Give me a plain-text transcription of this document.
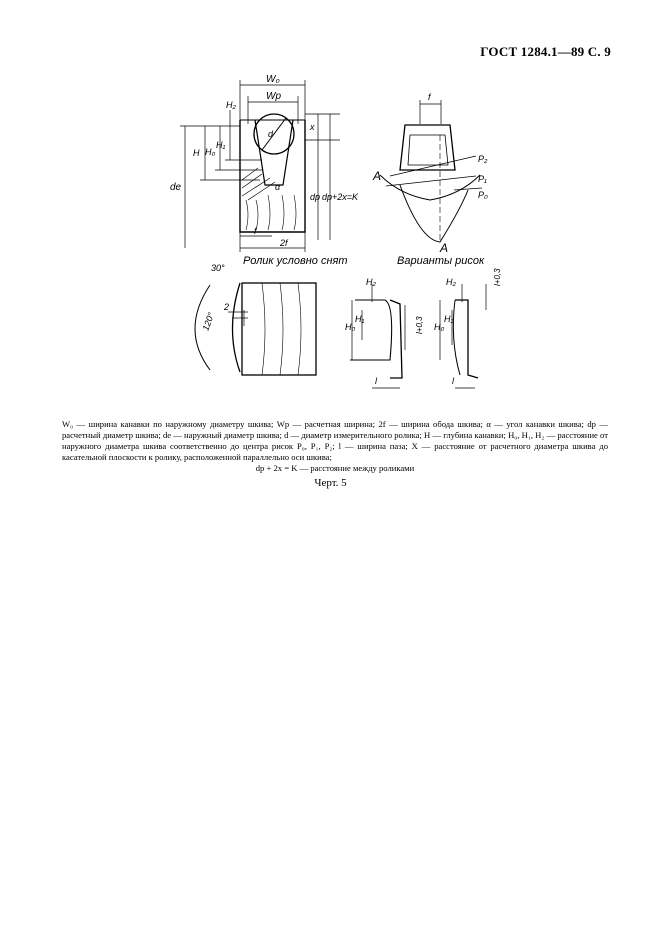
ГОСТ 1284.1—89 С. 9
W₀
Wp
H₂
H H₀
H₁
de
d
x
dp dp+2x=K
α
f
2f
Ролик условно снят
f
A
P₂
P₁
P₀
А
Варианты рисок
30°
120°
2
H₂
H₀
H₁	l+0,3
l
H₂
H₀
H₁
l+0,3
l

W₀ — ширина канавки по наружному диаметру шкива; Wp — расчетная ширина; 2f — ширина обода шкива; α — угол канавки шкива; dp — расчетный диаметр шкива; de — наружный диаметр шкива; d — диаметр измерительного ролика; H — глубина канавки; H₀, H₁, H₂ — расстояние от наружного диаметра шкива соответственно до центра рисок P₀, P₁, P₂; l — ширина паза; X — расстояние от расчетного диаметра шкива до касательной плоскости к ролику, расположенной параллельно оси шкива;

dp + 2x = K — расстояние между роликами

Черт. 5
